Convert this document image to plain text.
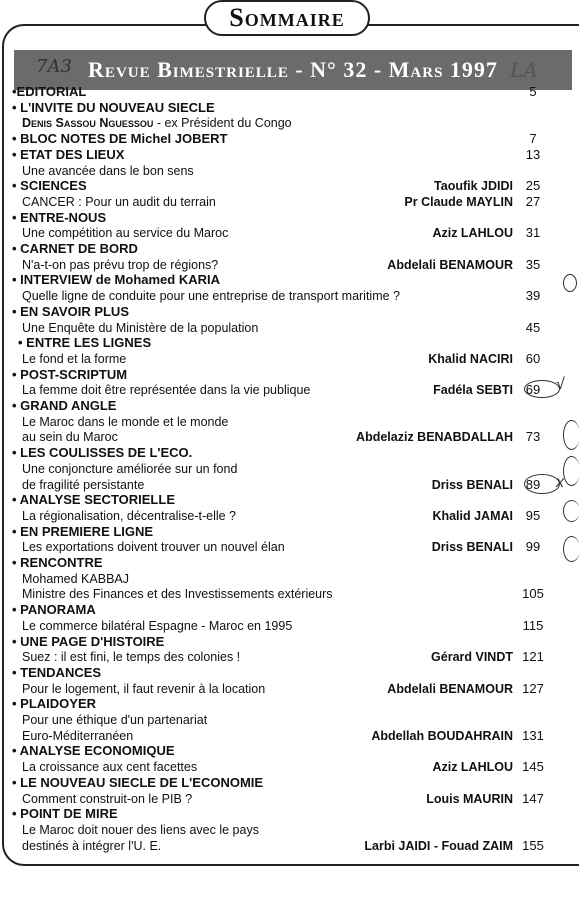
Sommaire
Revue Bimestrielle - N° 32 - Mars 1997
7A3	LA
•EDITORIAL	5
• L'INVITE DU NOUVEAU SIECLE
Denis Sassou Nguessou - ex Président du Congo
• BLOC NOTES DE Michel JOBERT	7
• ETAT DES LIEUX	13
Une avancée dans le bon sens
• SCIENCES	Taoufik JDIDI 25
CANCER : Pour un audit du terrain	Pr Claude MAYLIN 27
• ENTRE-NOUS
Une compétition au service du Maroc	Aziz LAHLOU 31
• CARNET DE BORD
N'a-t-on pas prévu trop de régions?	Abdelali BENAMOUR 35
• INTERVIEW de Mohamed KARIA
Quelle ligne de conduite pour une entreprise de transport maritime ?	39
• EN SAVOIR PLUS
Une Enquête du Ministère de la population	45
• ENTRE LES LIGNES
Le fond et la forme	Khalid NACIRI 60
• POST-SCRIPTUM
La femme doit être représentée dans la vie publique	Fadéla SEBTI 69
• GRAND ANGLE
Le Maroc dans le monde et le monde
au sein du Maroc	Abdelaziz BENABDALLAH 73
• LES COULISSES DE L'ECO.
Une conjoncture améliorée sur un fond
de fragilité persistante	Driss BENALI 89
• ANALYSE SECTORIELLE
La régionalisation, décentralise-t-elle ?	Khalid JAMAI 95
• EN PREMIERE LIGNE
Les exportations doivent trouver un nouvel élan	Driss BENALI 99
• RENCONTRE
Mohamed KABBAJ
Ministre des Finances et des Investissements extérieurs	105
• PANORAMA
Le commerce bilatéral Espagne - Maroc en 1995	115
• UNE PAGE D'HISTOIRE
Suez : il est fini, le temps des colonies !	Gérard VINDT 121
• TENDANCES
Pour le logement, il faut revenir à la location	Abdelali BENAMOUR 127
• PLAIDOYER
Pour une éthique d'un partenariat
Euro-Méditerranéen	Abdellah BOUDAHRAIN 131
• ANALYSE ECONOMIQUE
La croissance aux cent facettes	Aziz LAHLOU 145
• LE NOUVEAU SIECLE DE L'ECONOMIE
Comment construit-on le PIB ?	Louis MAURIN 147
• POINT DE MIRE
Le Maroc doit nouer des liens avec le pays
destinés à intégrer l'U. E.	Larbi JAIDI - Fouad ZAIM 155
√
x
